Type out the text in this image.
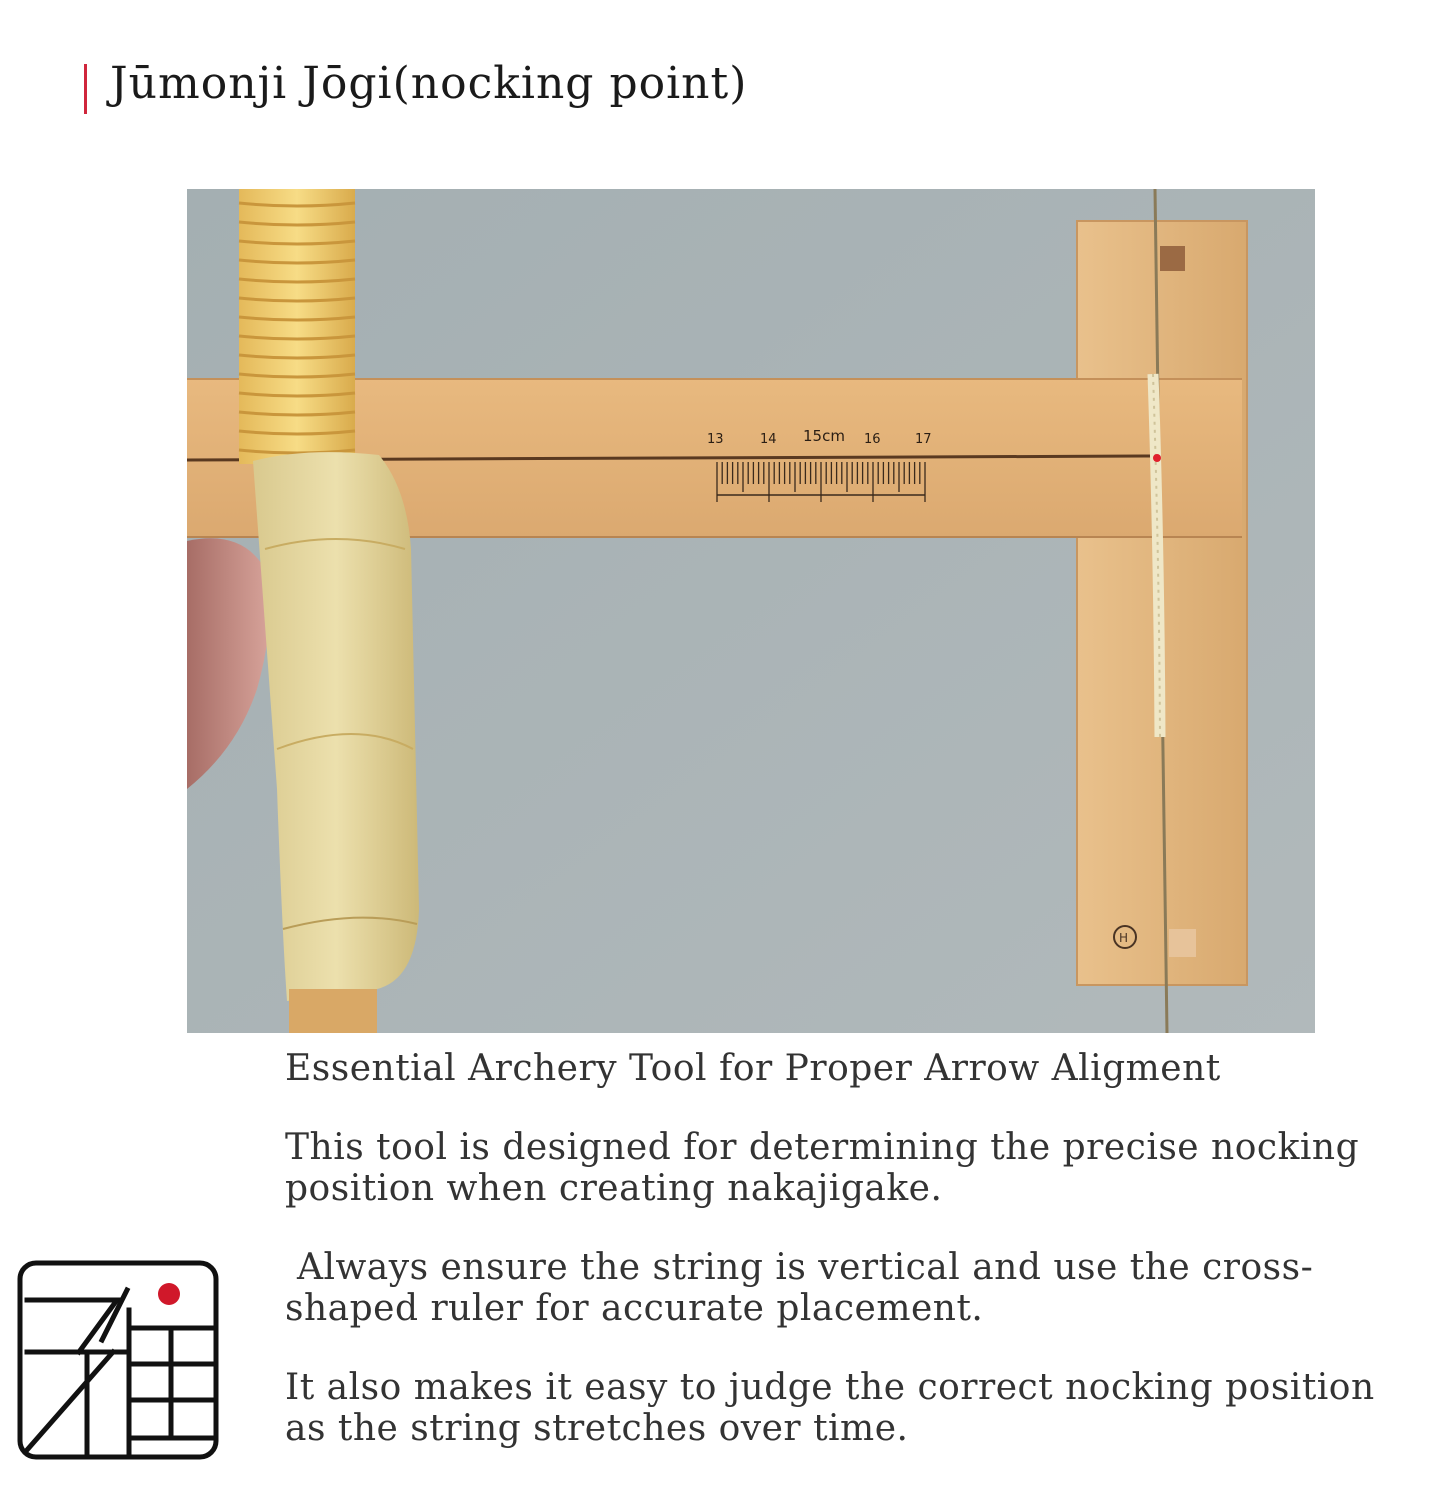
Jūmonji Jōgi(nocking point)
13	14 15cm 16	17
H

Essential Archery Tool for Proper Arrow Aligment

This tool is designed for determining the precise nocking position when creating nakajigake.

Always ensure the string is vertical and use the cross-shaped ruler for accurate placement.

It also makes it easy to judge the correct nocking position as the string stretches over time.
